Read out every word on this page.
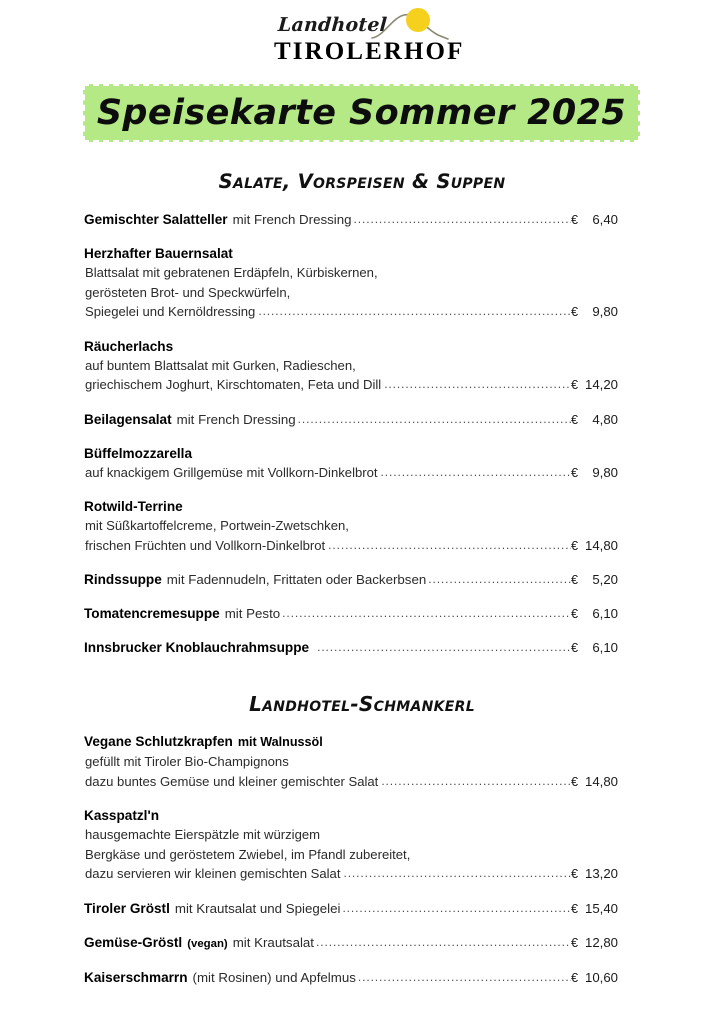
Landhotel
TIROLERHOF
Speisekarte Sommer 2025
Salate, Vorspeisen & Suppen
Gemischter Salatteller mit French Dressing .....	€	6,40
Herzhafter Bauernsalat
Blattsalat mit gebratenen Erdäpfeln, Kürbiskernen,
gerösteten Brot- und Speckwürfeln,
Spiegelei und Kernöldressing .....	€	9,80
Räucherlachs
auf buntem Blattsalat mit Gurken, Radieschen,
griechischem Joghurt, Kirschtomaten, Feta und Dill .....	€ 14,20
Beilagensalat mit French Dressing .....	€	4,80
Büffelmozzarella
auf knackigem Grillgemüse mit Vollkorn-Dinkelbrot .....	€	9,80
Rotwild-Terrine
mit Süßkartoffelcreme, Portwein-Zwetschken,
frischen Früchten und Vollkorn-Dinkelbrot .....	€ 14,80
Rindssuppe mit Fadennudeln, Frittaten oder Backerbsen .....	€	5,20
Tomatencremesuppe mit Pesto .....	€	6,10
Innsbrucker Knoblauchrahmsuppe .....	€	6,10
Landhotel-Schmankerl
Vegane Schlutzkrapfen mit Walnussöl
gefüllt mit Tiroler Bio-Champignons
dazu buntes Gemüse und kleiner gemischter Salat .....	€ 14,80
Kasspatzl'n
hausgemachte Eierspätzle mit würzigem
Bergkäse und geröstetem Zwiebel, im Pfandl zubereitet,
dazu servieren wir kleinen gemischten Salat .....	€ 13,20
Tiroler Gröstl mit Krautsalat und Spiegelei .....	€ 15,40
Gemüse-Gröstl (vegan) mit Krautsalat .....	€ 12,80
Kaiserschmarrn (mit Rosinen) und Apfelmus .....	€ 10,60
